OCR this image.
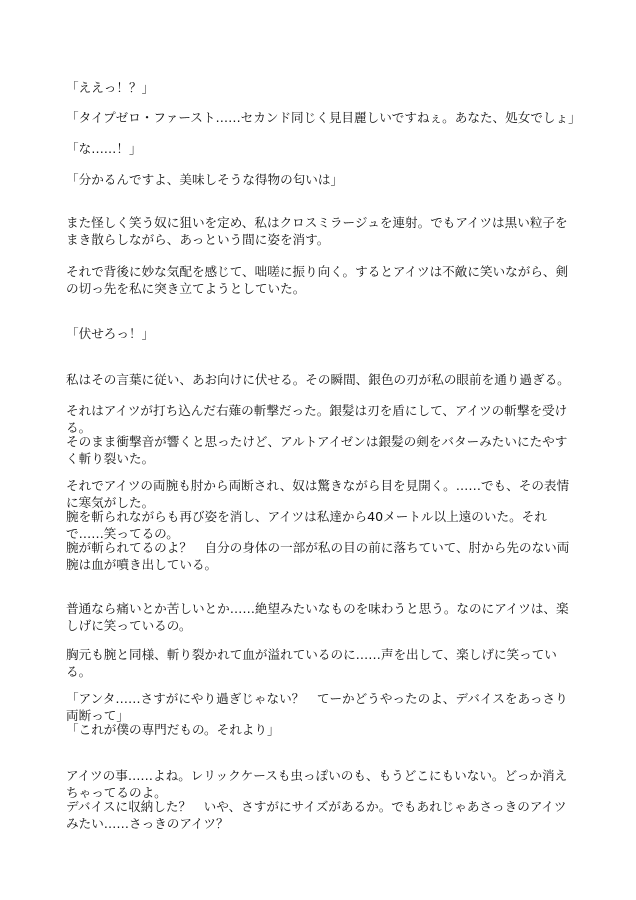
「ええっ！？」

「タイプゼロ・ファースト……セカンド同じく見目麗しいですねぇ。あなた、処女でしょ」

「な……！」

「分かるんですよ、美味しそうな得物の匂いは」

また怪しく笑う奴に狙いを定め、私はクロスミラージュを連射。でもアイツは黒い粒子をまき散らしながら、あっという間に姿を消す。

それで背後に妙な気配を感じて、咄嗟に振り向く。するとアイツは不敵に笑いながら、剣の切っ先を私に突き立てようとしていた。

「伏せろっ！」

私はその言葉に従い、あお向けに伏せる。その瞬間、銀色の刃が私の眼前を通り過ぎる。

それはアイツが打ち込んだ右薙の斬撃だった。銀髪は刃を盾にして、アイツの斬撃を受ける。

そのまま衝撃音が響くと思ったけど、アルトアイゼンは銀髪の剣をバターみたいにたやすく斬り裂いた。

それでアイツの両腕も肘から両断され、奴は驚きながら目を見開く。……でも、その表情に寒気がした。

腕を斬られながらも再び姿を消し、アイツは私達から40メートル以上遠のいた。それで……笑ってるの。

腕が斬られてるのよ？　自分の身体の一部が私の目の前に落ちていて、肘から先のない両腕は血が噴き出している。

普通なら痛いとか苦しいとか……絶望みたいなものを味わうと思う。なのにアイツは、楽しげに笑っているの。

胸元も腕と同様、斬り裂かれて血が溢れているのに……声を出して、楽しげに笑っている。

「アンタ……さすがにやり過ぎじゃない？　てーかどうやったのよ、デバイスをあっさり両断って」

「これが僕の専門だもの。それより」

アイツの事……よね。レリックケースも虫っぽいのも、もうどこにもいない。どっか消えちゃってるのよ。

デバイスに収納した？　いや、さすがにサイズがあるか。でもあれじゃあさっきのアイツみたい……さっきのアイツ？
